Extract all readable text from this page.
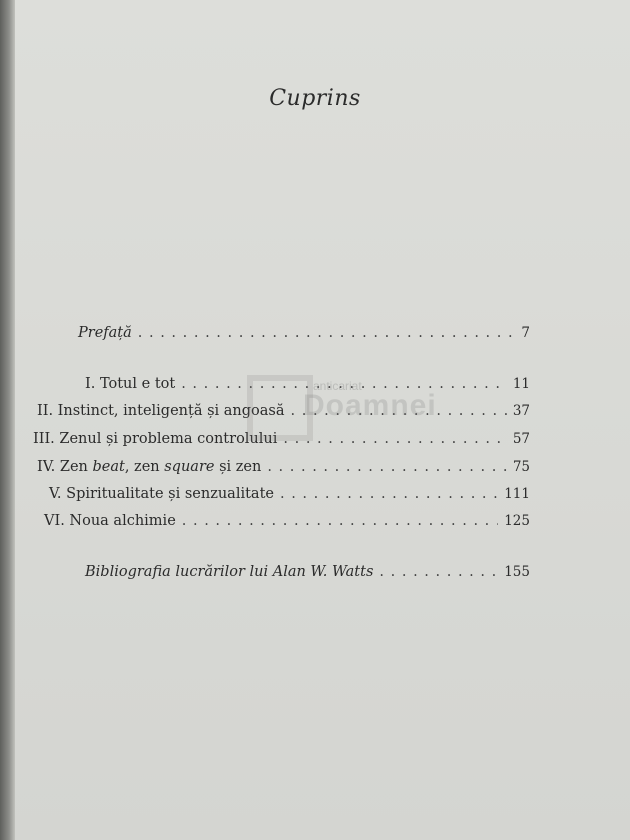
Cuprins
Prefață . . .	7
I. Totul e tot . . .	11
II. Instinct, inteligență și angoasă . . .	37
III. Zenul și problema controlului . . .	57
IV. Zen beat, zen square și zen . . .	75
V. Spiritualitate și senzualitate . . .	111
VI. Noua alchimie . . .	125
Bibliografia lucrărilor lui Alan W. Watts . . .	155
anticariat
Doamnei
